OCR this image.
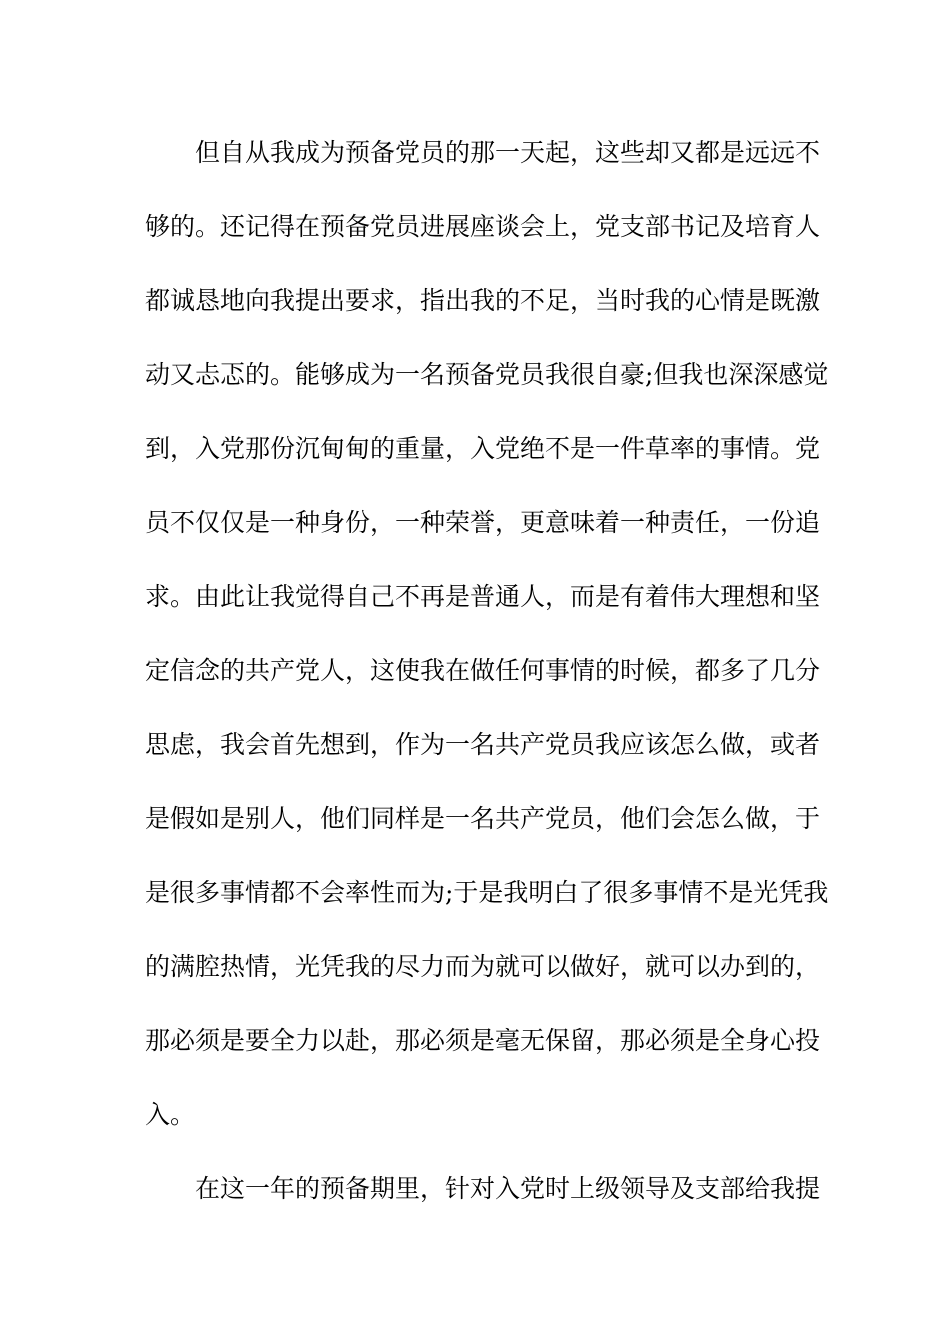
但自从我成为预备党员的那一天起，这些却又都是远远不
够的。还记得在预备党员进展座谈会上，党支部书记及培育人
都诚恳地向我提出要求，指出我的不足，当时我的心情是既激
动又忐忑的。能够成为一名预备党员我很自豪;但我也深深感觉
到，入党那份沉甸甸的重量，入党绝不是一件草率的事情。党
员不仅仅是一种身份，一种荣誉，更意味着一种责任，一份追
求。由此让我觉得自己不再是普通人，而是有着伟大理想和坚
定信念的共产党人，这使我在做任何事情的时候，都多了几分
思虑，我会首先想到，作为一名共产党员我应该怎么做，或者
是假如是别人，他们同样是一名共产党员，他们会怎么做，于
是很多事情都不会率性而为;于是我明白了很多事情不是光凭我
的满腔热情，光凭我的尽力而为就可以做好，就可以办到的，
那必须是要全力以赴，那必须是毫无保留，那必须是全身心投
入。
在这一年的预备期里，针对入党时上级领导及支部给我提
